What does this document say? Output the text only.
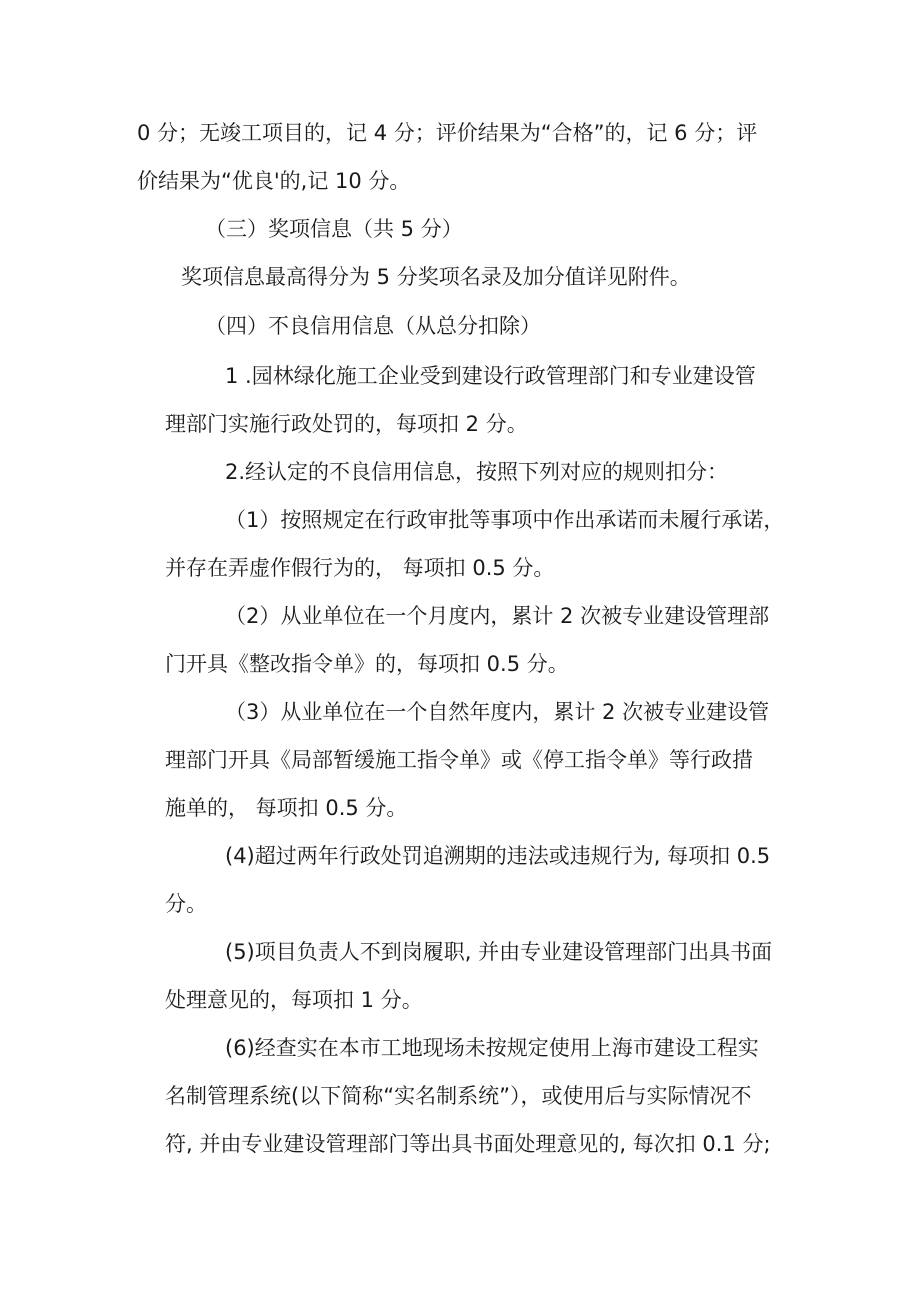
0 分；无竣工项目的，记 4 分；评价结果为“合格”的，记 6 分；评

价结果为“优良'的,记 10 分。

（三）奖项信息（共 5 分）

奖项信息最高得分为 5 分奖项名录及加分值详见附件。

（四）不良信用信息（从总分扣除）

1 .园林绿化施工企业受到建设行政管理部门和专业建设管

理部门实施行政处罚的，每项扣 2 分。

2.经认定的不良信用信息，按照下列对应的规则扣分：

（1）按照规定在行政审批等事项中作出承诺而未履行承诺，

并存在弄虚作假行为的， 每项扣 0.5 分。

（2）从业单位在一个月度内，累计 2 次被专业建设管理部

门开具《整改指令单》的，每项扣 0.5 分。

（3）从业单位在一个自然年度内，累计 2 次被专业建设管

理部门开具《局部暂缓施工指令单》或《停工指令单》等行政措

施单的， 每项扣 0.5 分。

(4)超过两年行政处罚追溯期的违法或违规行为, 每项扣 0.5

分。

(5)项目负责人不到岗履职, 并由专业建设管理部门出具书面

处理意见的，每项扣 1 分。

(6)经查实在本市工地现场未按规定使用上海市建设工程实

名制管理系统(以下简称“实名制系统”），或使用后与实际情况不

符, 并由专业建设管理部门等出具书面处理意见的, 每次扣 0.1 分;
